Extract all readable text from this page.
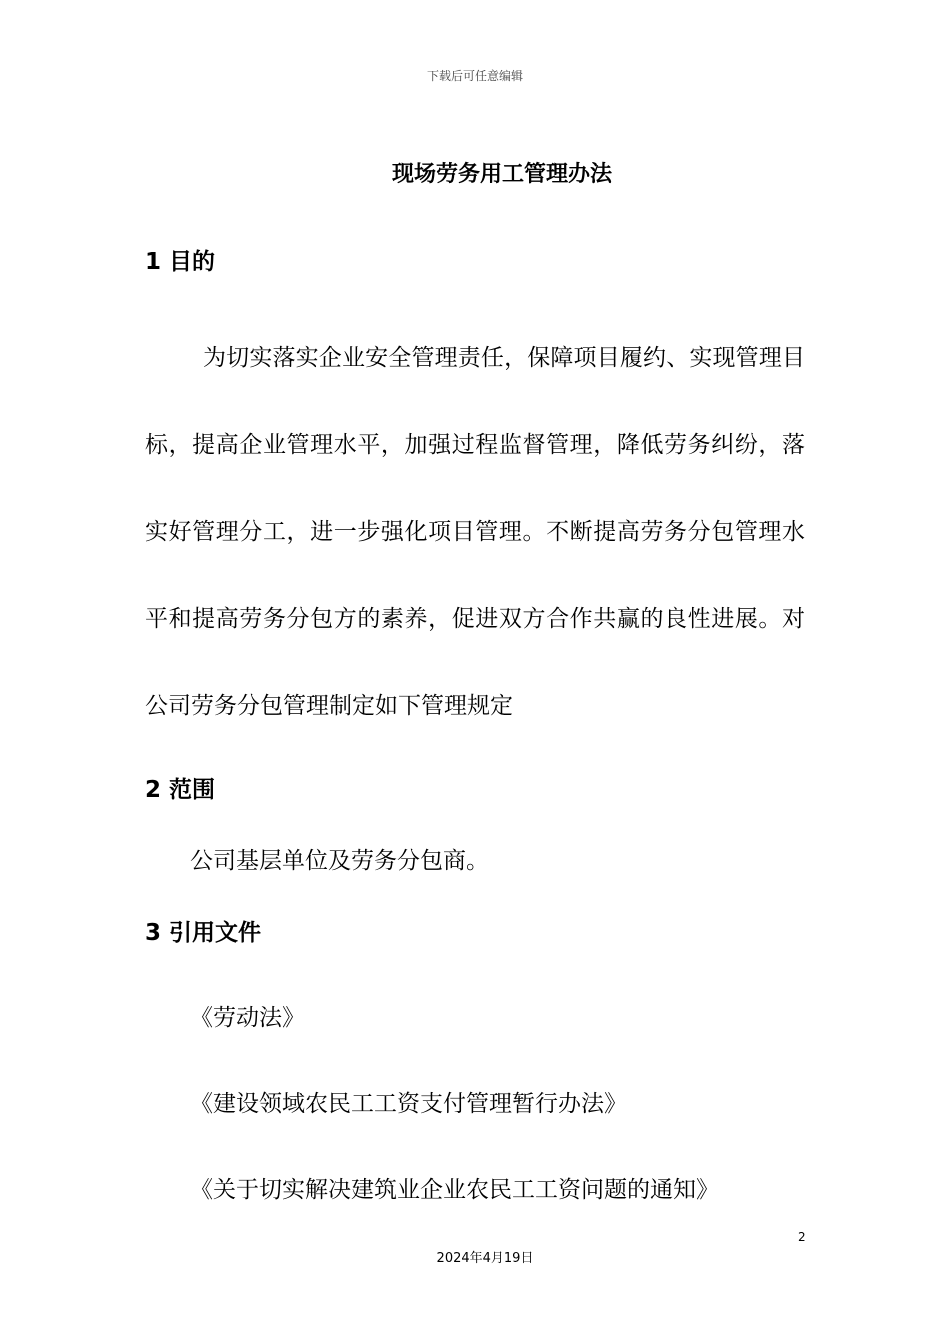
下载后可任意编辑
现场劳务用工管理办法

1 目的

为切实落实企业安全管理责任，保障项目履约、实现管理目标，提高企业管理水平，加强过程监督管理，降低劳务纠纷，落实好管理分工，进一步强化项目管理。不断提高劳务分包管理水平和提高劳务分包方的素养，促进双方合作共赢的良性进展。对公司劳务分包管理制定如下管理规定

2 范围

公司基层单位及劳务分包商。

3 引用文件

《劳动法》

《建设领域农民工工资支付管理暂行办法》

《关于切实解决建筑业企业农民工工资问题的通知》

2
2024年4月19日
